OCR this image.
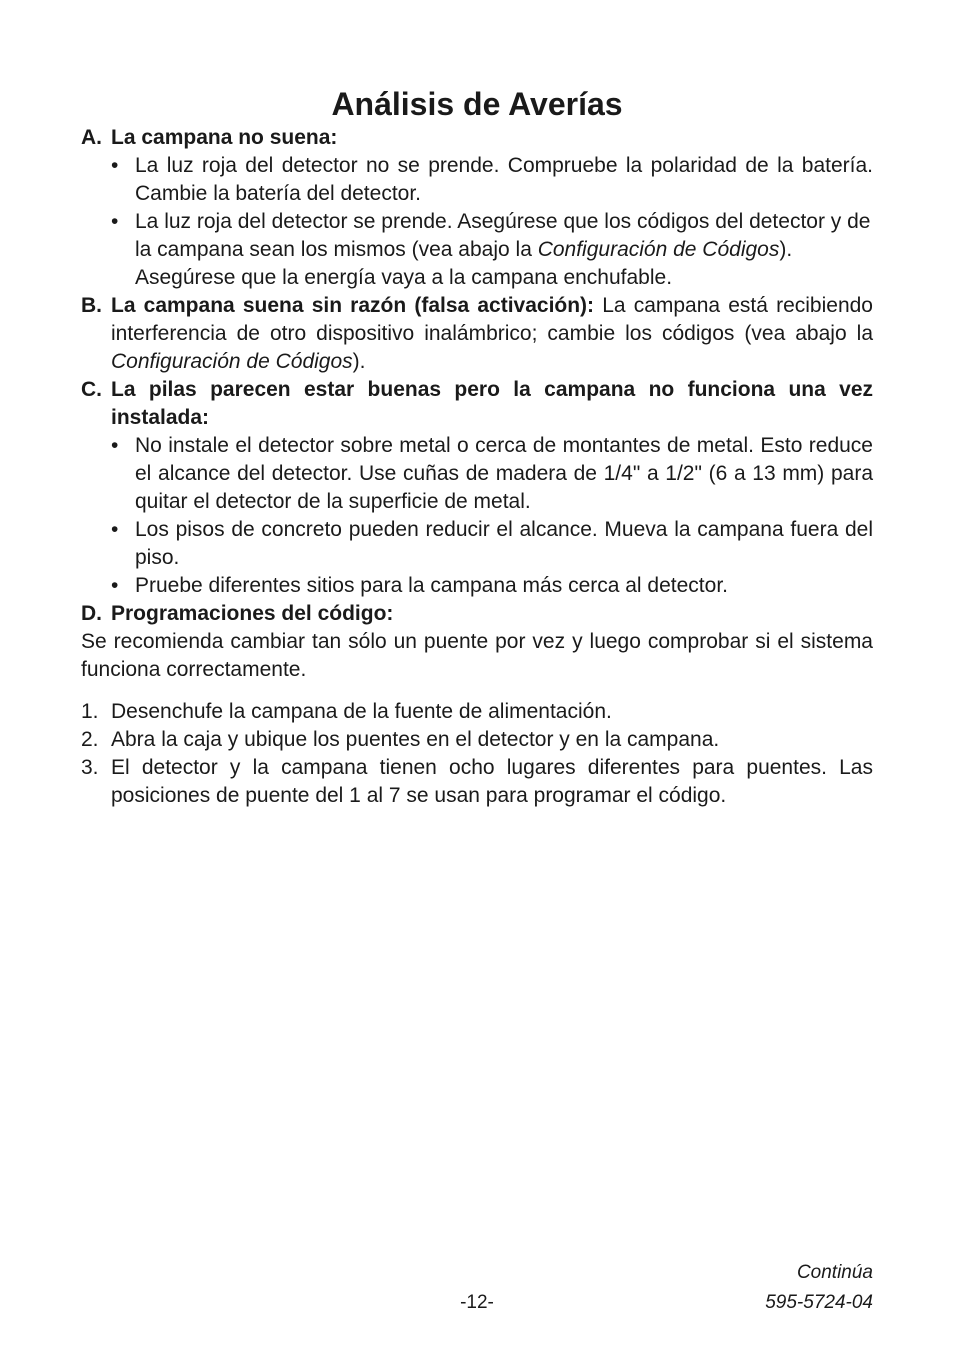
Análisis de Averías
A. La campana no suena:
• La luz roja del detector no se prende. Compruebe la polaridad de la batería. Cambie la batería del detector.
• La luz roja del detector se prende. Asegúrese que los códigos del detector y de la campana sean los mismos (vea abajo la Configuración de Códigos). Asegúrese que la energía vaya a la campana enchufable.
B. La campana suena sin razón (falsa activación): La campana está recibiendo interferencia de otro dispositivo inalámbrico; cambie los códigos (vea abajo la Configuración de Códigos).
C. La pilas parecen estar buenas pero la campana no funciona una vez instalada:
• No instale el detector sobre metal o cerca de montantes de metal. Esto reduce el alcance del detector. Use cuñas de madera de 1/4" a 1/2" (6 a 13 mm) para quitar el detector de la superficie de metal.
• Los pisos de concreto pueden reducir el alcance. Mueva la campana fuera del piso.
• Pruebe diferentes sitios para la campana más cerca al detector.
D. Programaciones del código:

Se recomienda cambiar tan sólo un puente por vez y luego comprobar si el sistema funciona correctamente.

1. Desenchufe la campana de la fuente de alimentación.
2. Abra la caja y ubique los puentes en el detector y en la campana.
3. El detector y la campana tienen ocho lugares diferentes para puentes. Las posiciones de puente del 1 al 7 se usan para programar el código.
Continúa
-12-	595-5724-04
